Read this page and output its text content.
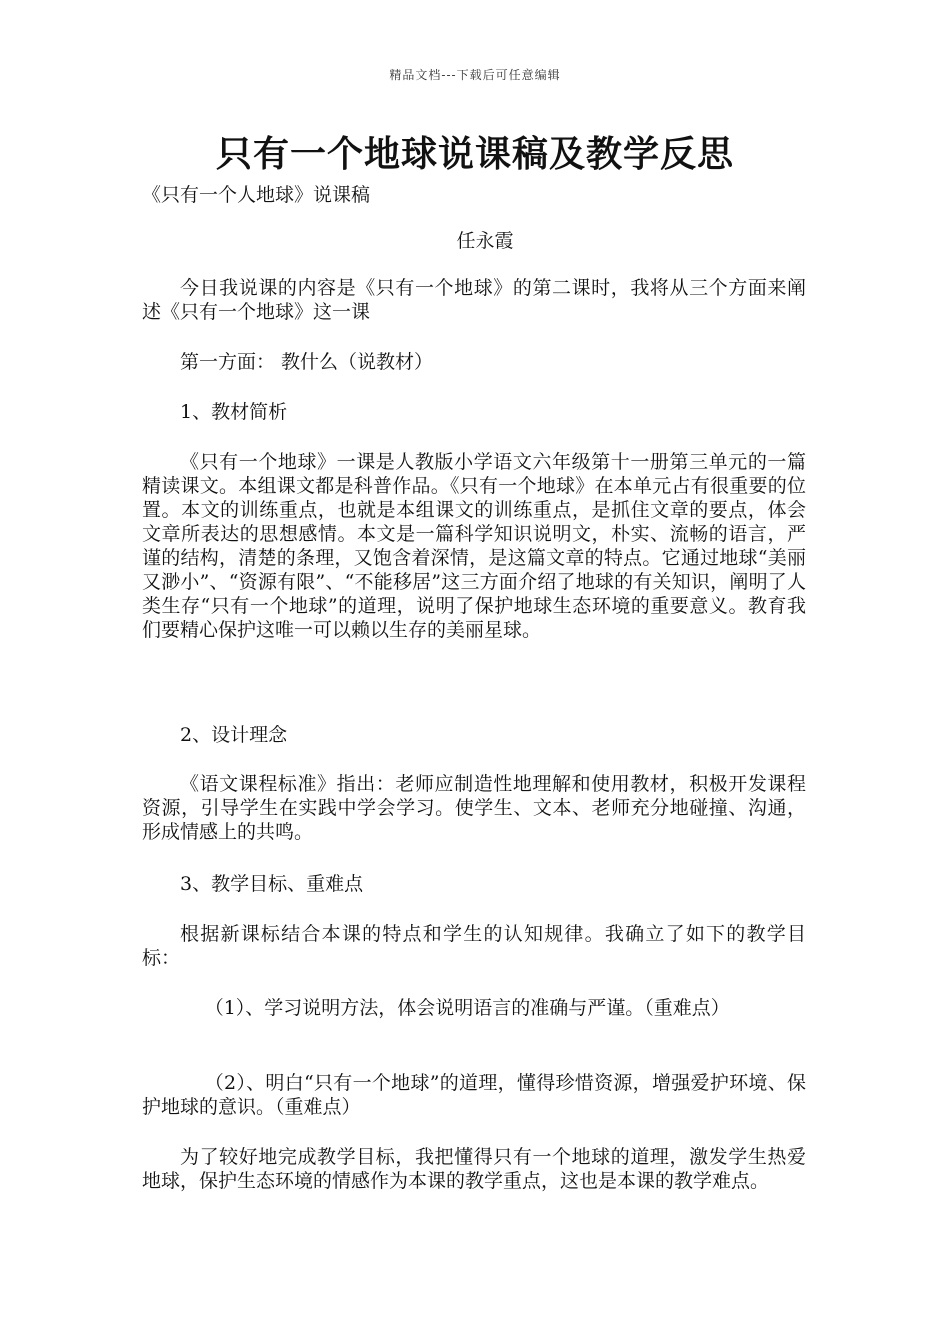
精品文档---下载后可任意编辑
只有一个地球说课稿及教学反思
《只有一个人地球》说课稿
任永霞

今日我说课的内容是《只有一个地球》的第二课时，我将从三个方面来阐述《只有一个地球》这一课

第一方面： 教什么（说教材）

1、教材简析

《只有一个地球》一课是人教版小学语文六年级第十一册第三单元的一篇精读课文。本组课文都是科普作品。《只有一个地球》在本单元占有很重要的位置。本文的训练重点，也就是本组课文的训练重点，是抓住文章的要点，体会文章所表达的思想感情。本文是一篇科学知识说明文，朴实、流畅的语言，严谨的结构，清楚的条理，又饱含着深情，是这篇文章的特点。它通过地球“美丽又渺小”、“资源有限”、“不能移居”这三方面介绍了地球的有关知识，阐明了人类生存“只有一个地球”的道理，说明了保护地球生态环境的重要意义。教育我们要精心保护这唯一可以赖以生存的美丽星球。

2、设计理念

《语文课程标准》指出：老师应制造性地理解和使用教材，积极开发课程资源，引导学生在实践中学会学习。使学生、文本、老师充分地碰撞、沟通，形成情感上的共鸣。

3、教学目标、重难点

根据新课标结合本课的特点和学生的认知规律。我确立了如下的教学目标：

（1）、学习说明方法，体会说明语言的准确与严谨。（重难点）

（2）、明白“只有一个地球”的道理，懂得珍惜资源，增强爱护环境、保护地球的意识。（重难点）

为了较好地完成教学目标，我把懂得只有一个地球的道理，激发学生热爱地球，保护生态环境的情感作为本课的教学重点，这也是本课的教学难点。
